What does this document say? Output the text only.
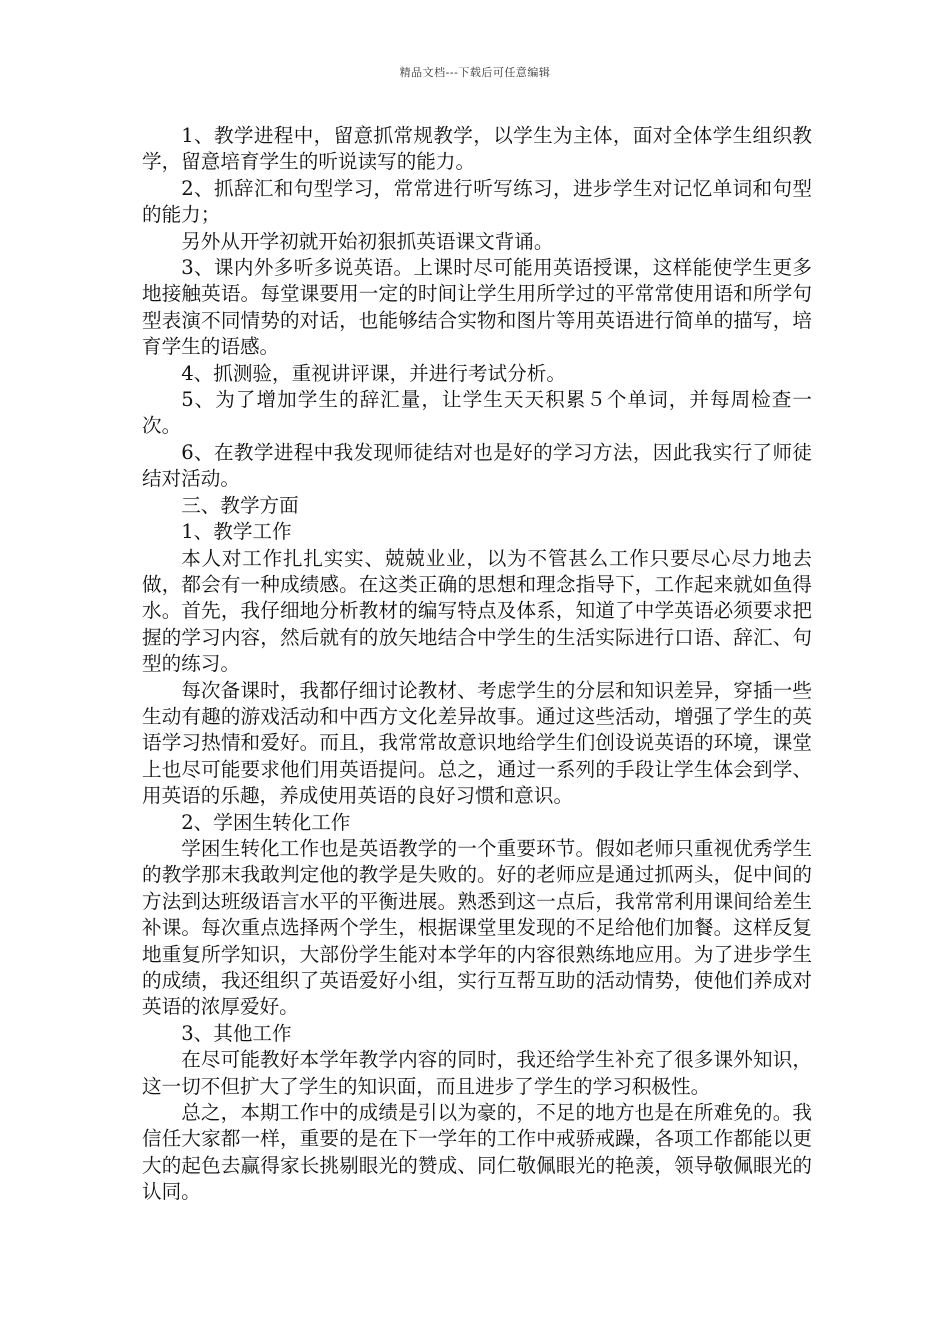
精品文档---下载后可任意编辑

1、教学进程中，留意抓常规教学，以学生为主体，面对全体学生组织教学，留意培育学生的听说读写的能力。

2、抓辞汇和句型学习，常常进行听写练习，进步学生对记忆单词和句型的能力；

另外从开学初就开始初狠抓英语课文背诵。

3、课内外多听多说英语。上课时尽可能用英语授课，这样能使学生更多地接触英语。每堂课要用一定的时间让学生用所学过的平常常使用语和所学句型表演不同情势的对话，也能够结合实物和图片等用英语进行简单的描写，培育学生的语感。

4、抓测验，重视讲评课，并进行考试分析。

5、为了增加学生的辞汇量，让学生天天积累５个单词，并每周检查一次。

6、在教学进程中我发现师徒结对也是好的学习方法，因此我实行了师徒结对活动。

三、教学方面

1、教学工作

本人对工作扎扎实实、兢兢业业，以为不管甚么工作只要尽心尽力地去做，都会有一种成绩感。在这类正确的思想和理念指导下，工作起来就如鱼得水。首先，我仔细地分析教材的编写特点及体系，知道了中学英语必须要求把握的学习内容，然后就有的放矢地结合中学生的生活实际进行口语、辞汇、句型的练习。

每次备课时，我都仔细讨论教材、考虑学生的分层和知识差异，穿插一些生动有趣的游戏活动和中西方文化差异故事。通过这些活动，增强了学生的英语学习热情和爱好。而且，我常常故意识地给学生们创设说英语的环境，课堂上也尽可能要求他们用英语提问。总之，通过一系列的手段让学生体会到学、用英语的乐趣，养成使用英语的良好习惯和意识。

2、学困生转化工作

学困生转化工作也是英语教学的一个重要环节。假如老师只重视优秀学生的教学那末我敢判定他的教学是失败的。好的老师应是通过抓两头，促中间的方法到达班级语言水平的平衡进展。熟悉到这一点后，我常常利用课间给差生补课。每次重点选择两个学生，根据课堂里发现的不足给他们加餐。这样反复地重复所学知识，大部份学生能对本学年的内容很熟练地应用。为了进步学生的成绩，我还组织了英语爱好小组，实行互帮互助的活动情势，使他们养成对英语的浓厚爱好。

3、其他工作

在尽可能教好本学年教学内容的同时，我还给学生补充了很多课外知识，这一切不但扩大了学生的知识面，而且进步了学生的学习积极性。

总之，本期工作中的成绩是引以为豪的，不足的地方也是在所难免的。我信任大家都一样，重要的是在下一学年的工作中戒骄戒躁，各项工作都能以更大的起色去赢得家长挑剔眼光的赞成、同仁敬佩眼光的艳羡，领导敬佩眼光的认同。
